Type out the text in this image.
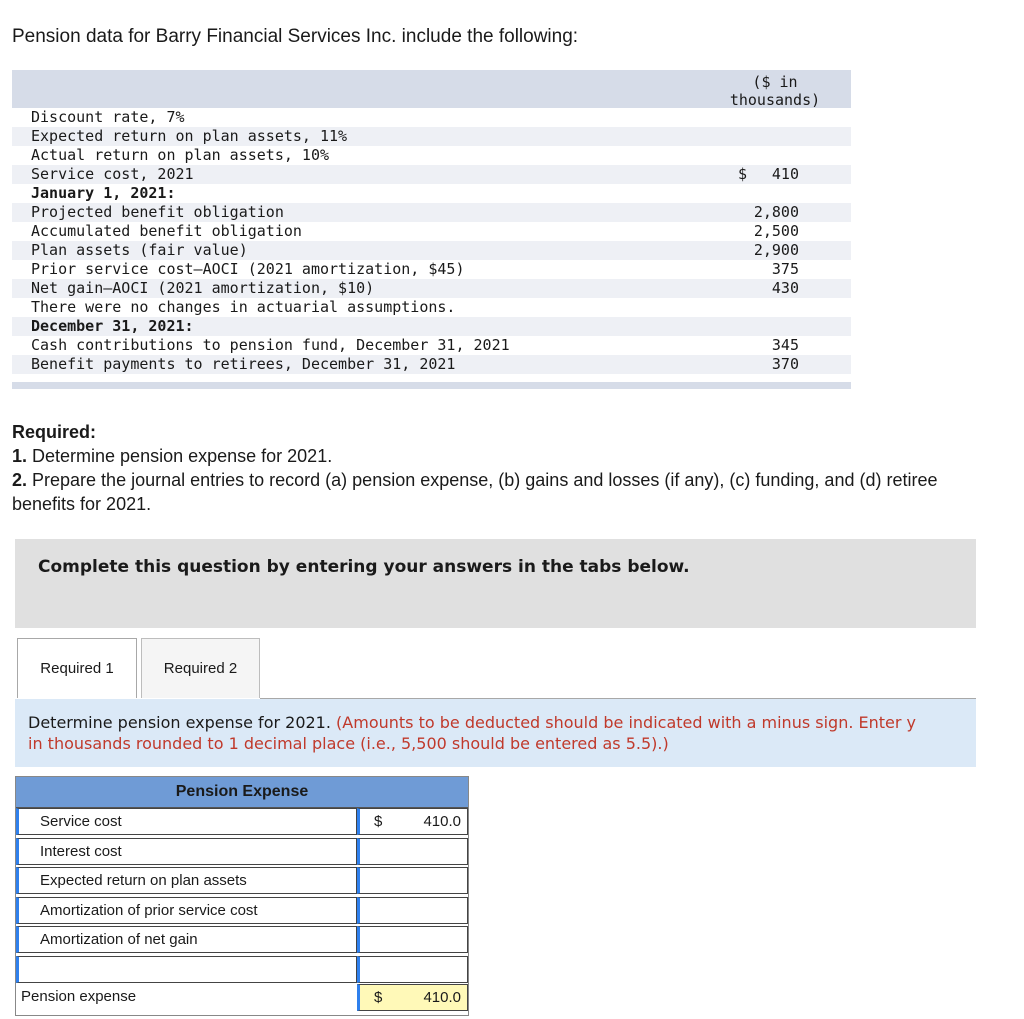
Pension data for Barry Financial Services Inc. include the following:
($ in thousands)
Discount rate, 7%
Expected return on plan assets, 11%
Actual return on plan assets, 10%
Service cost, 2021	$ 410
January 1, 2021:
Projected benefit obligation	2,800
Accumulated benefit obligation	2,500
Plan assets (fair value)	2,900
Prior service cost–AOCI (2021 amortization, $45)	375
Net gain–AOCI (2021 amortization, $10)	430
There were no changes in actuarial assumptions.
December 31, 2021:
Cash contributions to pension fund, December 31, 2021	345
Benefit payments to retirees, December 31, 2021	370
Required:
1. Determine pension expense for 2021.
2. Prepare the journal entries to record (a) pension expense, (b) gains and losses (if any), (c) funding, and (d) retiree benefits for 2021.
Complete this question by entering your answers in the tabs below.
Required 1	Required 2
Determine pension expense for 2021. (Amounts to be deducted should be indicated with a minus sign. Enter y
in thousands rounded to 1 decimal place (i.e., 5,500 should be entered as 5.5).)
Pension Expense
Service cost	$	410.0
Interest cost
Expected return on plan assets
Amortization of prior service cost
Amortization of net gain
Pension expense	$	410.0
